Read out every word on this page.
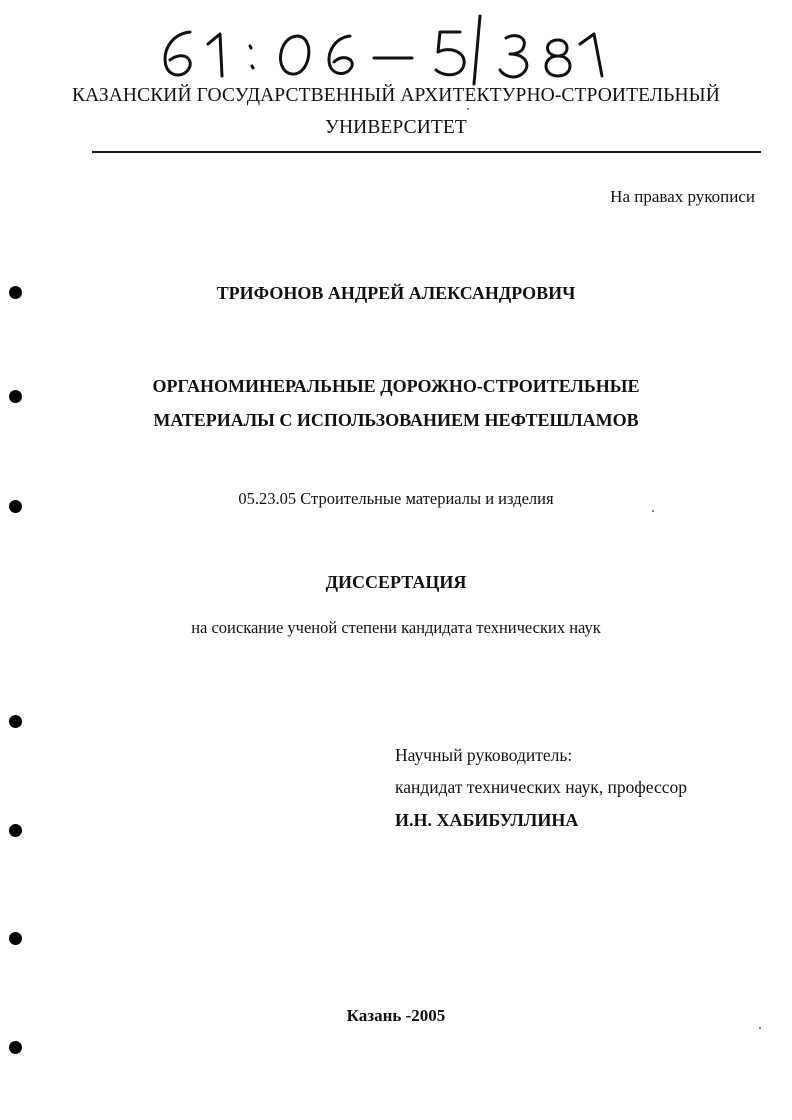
КАЗАНСКИЙ ГОСУДАРСТВЕННЫЙ АРХИТЕКТУРНО-СТРОИТЕЛЬНЫЙ
УНИВЕРСИТЕТ
На правах рукописи
ТРИФОНОВ АНДРЕЙ АЛЕКСАНДРОВИЧ
ОРГАНОМИНЕРАЛЬНЫЕ ДОРОЖНО-СТРОИТЕЛЬНЫЕ
МАТЕРИАЛЫ С ИСПОЛЬЗОВАНИЕМ НЕФТЕШЛАМОВ
05.23.05 Строительные материалы и изделия
ДИССЕРТАЦИЯ
на соискание ученой степени кандидата технических наук
Научный руководитель:
кандидат технических наук, профессор
И.Н. ХАБИБУЛЛИНА
Казань -2005
